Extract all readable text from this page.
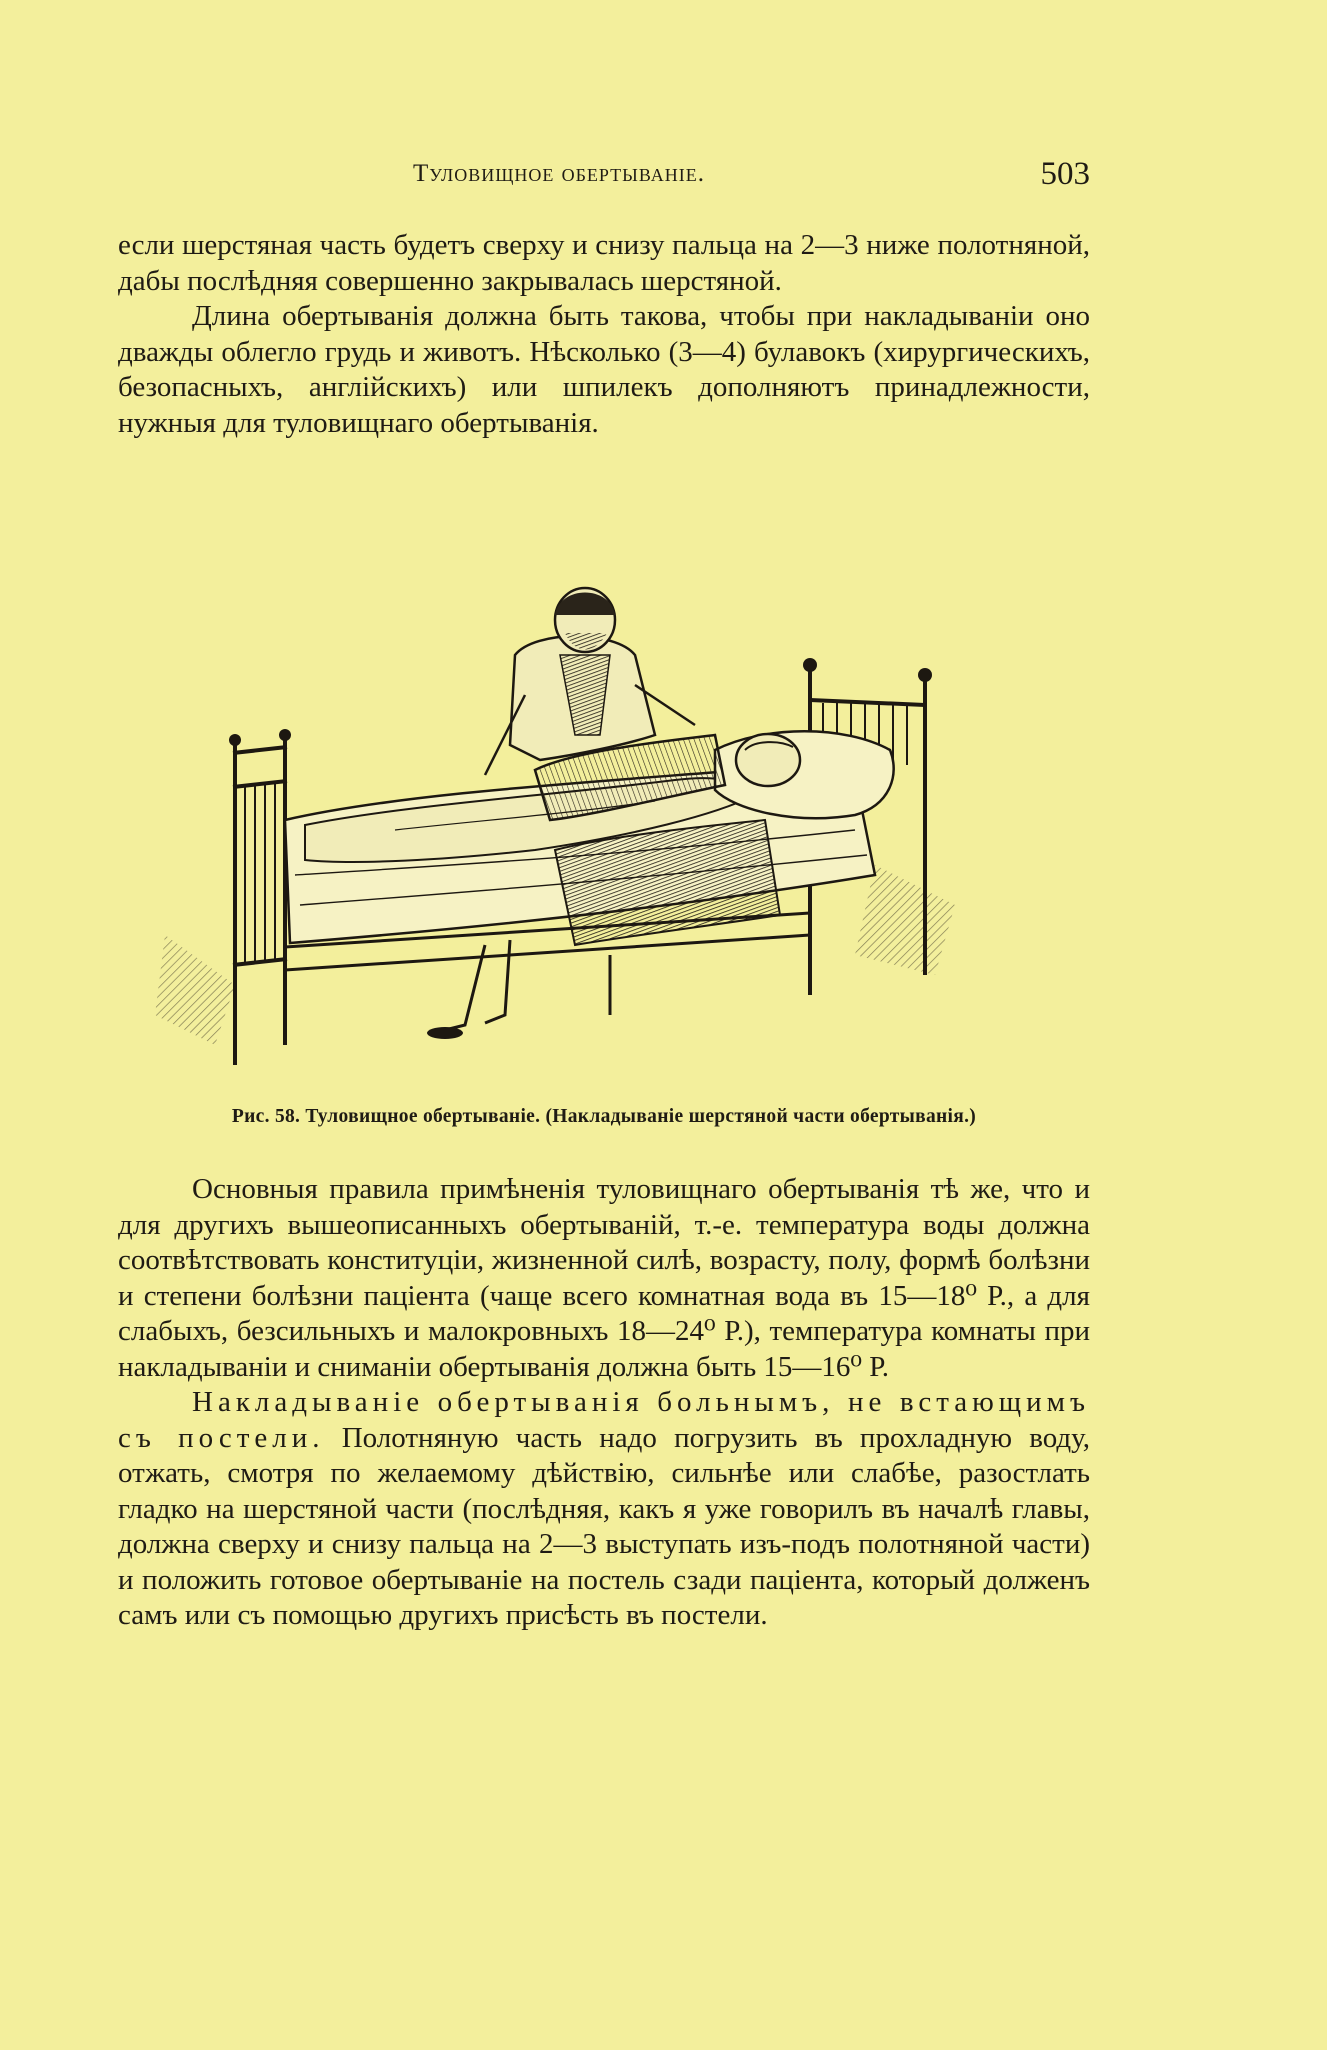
Туловищное обертываніе.	503

если шерстяная часть будетъ сверху и снизу пальца на 2—3 ниже полотняной, дабы послѣдняя совершенно закрывалась шерстяной.

Длина обертыванія должна быть такова, чтобы при накладываніи оно дважды облегло грудь и животъ. Нѣсколько (3—4) булавокъ (хирургическихъ, безопасныхъ, англійскихъ) или шпилекъ дополняютъ принадлежности, нужныя для туловищнаго обертыванія.

Рис. 58. Туловищное обертываніе. (Накладываніе шерстяной части обертыванія.)

Основныя правила примѣненія туловищнаго обертыванія тѣ же, что и для другихъ вышеописанныхъ обертываній, т.-е. температура воды должна соотвѣтствовать конституціи, жизненной силѣ, возрасту, полу, формѣ болѣзни и степени болѣзни паціента (чаще всего комнатная вода въ 15—18⁰ Р., а для слабыхъ, безсильныхъ и малокровныхъ 18—24⁰ Р.), температура комнаты при накладываніи и сниманіи обертыванія должна быть 15—16⁰ Р.

Накладываніе обертыванія больнымъ, не встающимъ съ постели. Полотняную часть надо погрузить въ прохладную воду, отжать, смотря по желаемому дѣйствію, сильнѣе или слабѣе, разостлать гладко на шерстяной части (послѣдняя, какъ я уже говорилъ въ началѣ главы, должна сверху и снизу пальца на 2—3 выступать изъ-подъ полотняной части) и положить готовое обертываніе на постель сзади паціента, который долженъ самъ или съ помощью другихъ присѣсть въ постели.
